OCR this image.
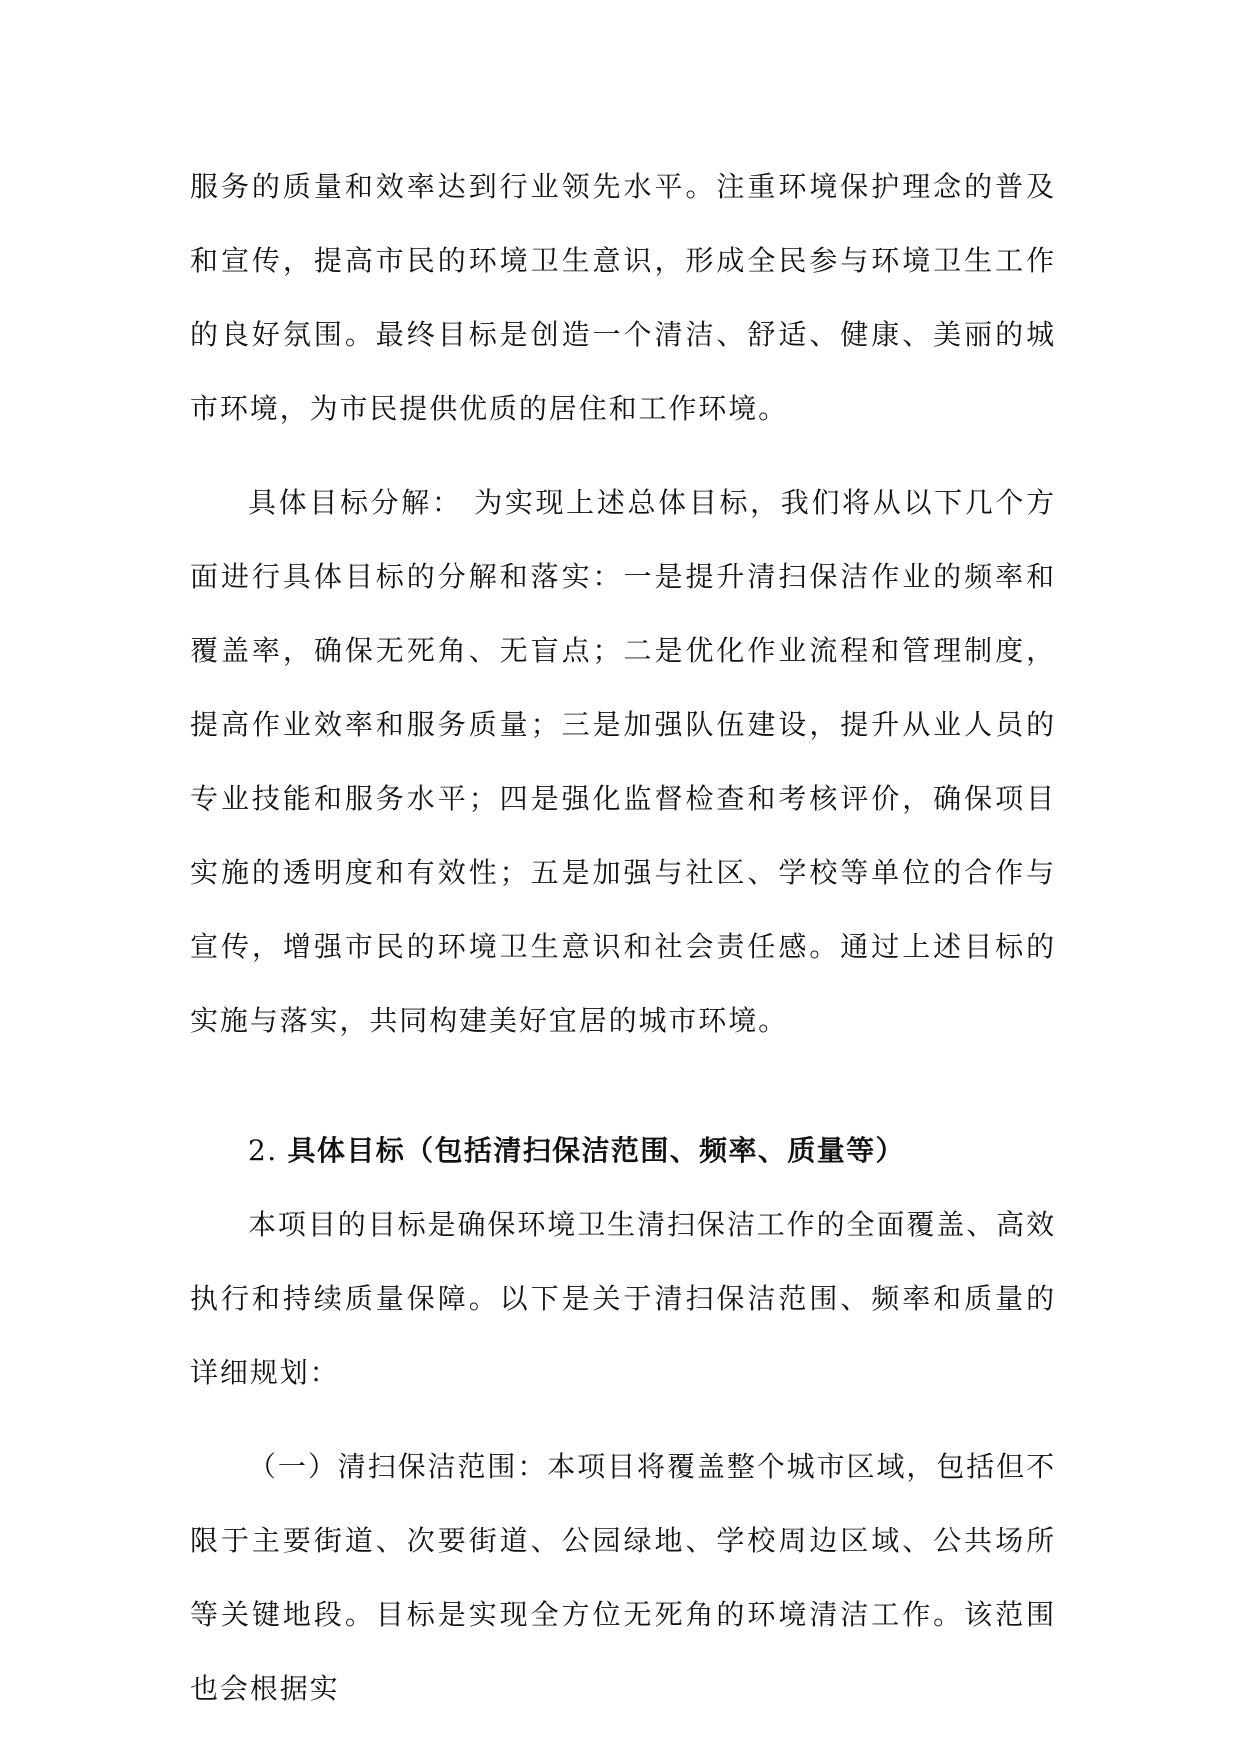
服务的质量和效率达到行业领先水平。注重环境保护理念的普及和宣传，提高市民的环境卫生意识，形成全民参与环境卫生工作的良好氛围。最终目标是创造一个清洁、舒适、健康、美丽的城市环境，为市民提供优质的居住和工作环境。

具体目标分解： 为实现上述总体目标，我们将从以下几个方面进行具体目标的分解和落实：一是提升清扫保洁作业的频率和覆盖率，确保无死角、无盲点；二是优化作业流程和管理制度，提高作业效率和服务质量；三是加强队伍建设，提升从业人员的专业技能和服务水平；四是强化监督检查和考核评价，确保项目实施的透明度和有效性；五是加强与社区、学校等单位的合作与宣传，增强市民的环境卫生意识和社会责任感。通过上述目标的实施与落实，共同构建美好宜居的城市环境。

2. 具体目标（包括清扫保洁范围、频率、质量等）

本项目的目标是确保环境卫生清扫保洁工作的全面覆盖、高效执行和持续质量保障。以下是关于清扫保洁范围、频率和质量的详细规划：

（一）清扫保洁范围：本项目将覆盖整个城市区域，包括但不限于主要街道、次要街道、公园绿地、学校周边区域、公共场所等关键地段。目标是实现全方位无死角的环境清洁工作。该范围也会根据实
